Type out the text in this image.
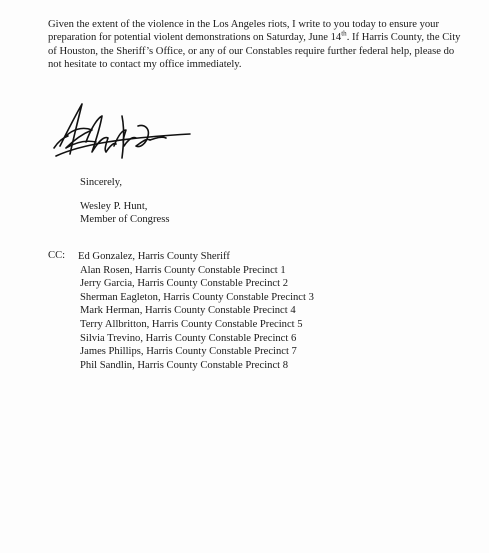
Given the extent of the violence in the Los Angeles riots, I write to you today to ensure your preparation for potential violent demonstrations on Saturday, June 14th. If Harris County, the City of Houston, the Sheriff’s Office, or any of our Constables require further federal help, please do not hesitate to contact my office immediately.

Sincerely,

Wesley P. Hunt,

Member of Congress

CC: Ed Gonzalez, Harris County Sheriff
Alan Rosen, Harris County Constable Precinct 1
Jerry Garcia, Harris County Constable Precinct 2
Sherman Eagleton, Harris County Constable Precinct 3
Mark Herman, Harris County Constable Precinct 4
Terry Allbritton, Harris County Constable Precinct 5
Silvia Trevino, Harris County Constable Precinct 6
James Phillips, Harris County Constable Precinct 7
Phil Sandlin, Harris County Constable Precinct 8
